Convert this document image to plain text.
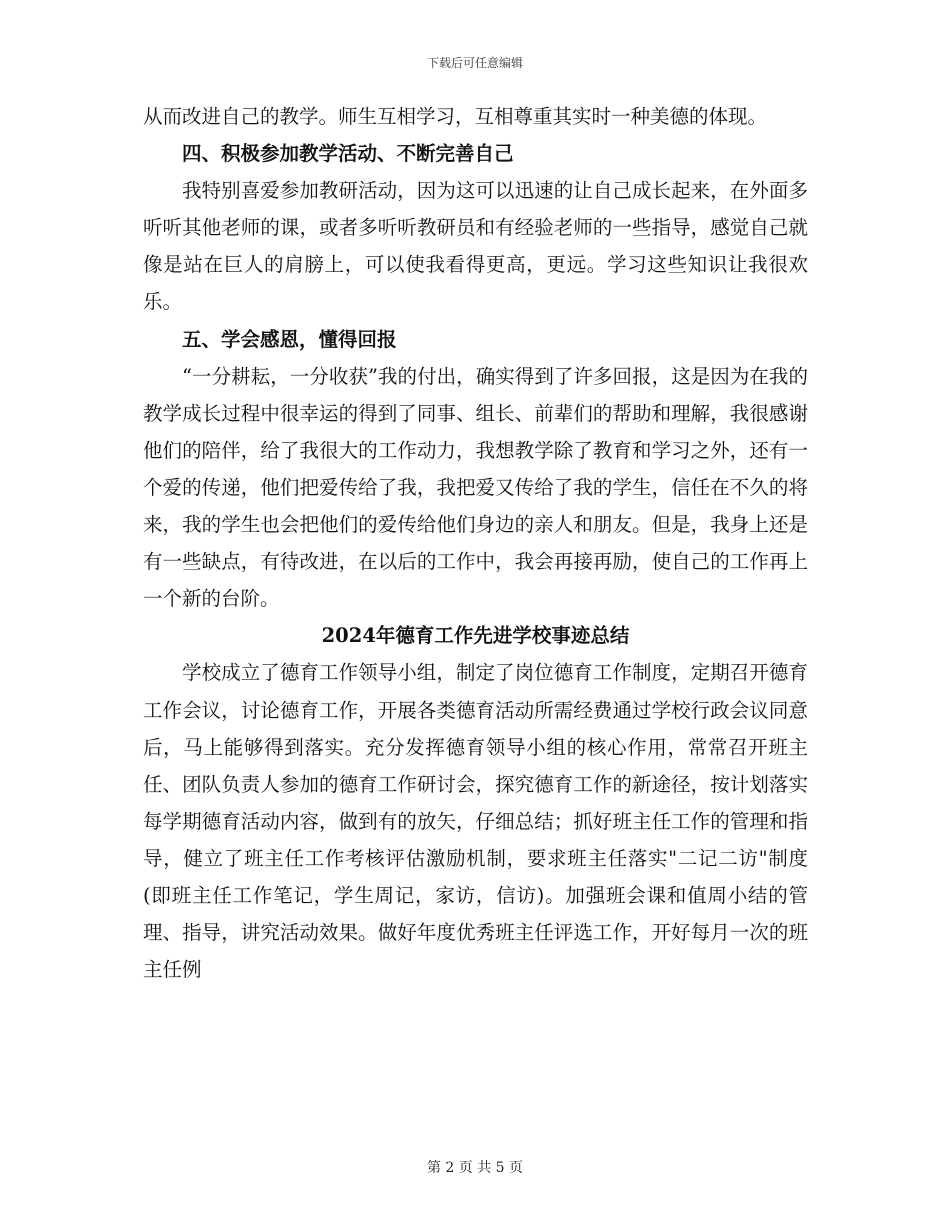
下载后可任意编辑

从而改进自己的教学。师生互相学习，互相尊重其实时一种美德的体现。

四、积极参加教学活动、不断完善自己

我特别喜爱参加教研活动，因为这可以迅速的让自己成长起来，在外面多听听其他老师的课，或者多听听教研员和有经验老师的一些指导，感觉自己就像是站在巨人的肩膀上，可以使我看得更高，更远。学习这些知识让我很欢乐。

五、学会感恩，懂得回报

“一分耕耘，一分收获”我的付出，确实得到了许多回报，这是因为在我的教学成长过程中很幸运的得到了同事、组长、前辈们的帮助和理解，我很感谢他们的陪伴，给了我很大的工作动力，我想教学除了教育和学习之外，还有一个爱的传递，他们把爱传给了我，我把爱又传给了我的学生，信任在不久的将来，我的学生也会把他们的爱传给他们身边的亲人和朋友。但是，我身上还是有一些缺点，有待改进，在以后的工作中，我会再接再励，使自己的工作再上一个新的台阶。

2024年德育工作先进学校事迹总结

学校成立了德育工作领导小组，制定了岗位德育工作制度，定期召开德育工作会议，讨论德育工作，开展各类德育活动所需经费通过学校行政会议同意后，马上能够得到落实。充分发挥德育领导小组的核心作用，常常召开班主任、团队负责人参加的德育工作研讨会，探究德育工作的新途径，按计划落实每学期德育活动内容，做到有的放矢，仔细总结；抓好班主任工作的管理和指导，健立了班主任工作考核评估激励机制，要求班主任落实"二记二访"制度(即班主任工作笔记，学生周记，家访，信访)。加强班会课和值周小结的管理、指导，讲究活动效果。做好年度优秀班主任评选工作，开好每月一次的班主任例

第 2 页 共 5 页
